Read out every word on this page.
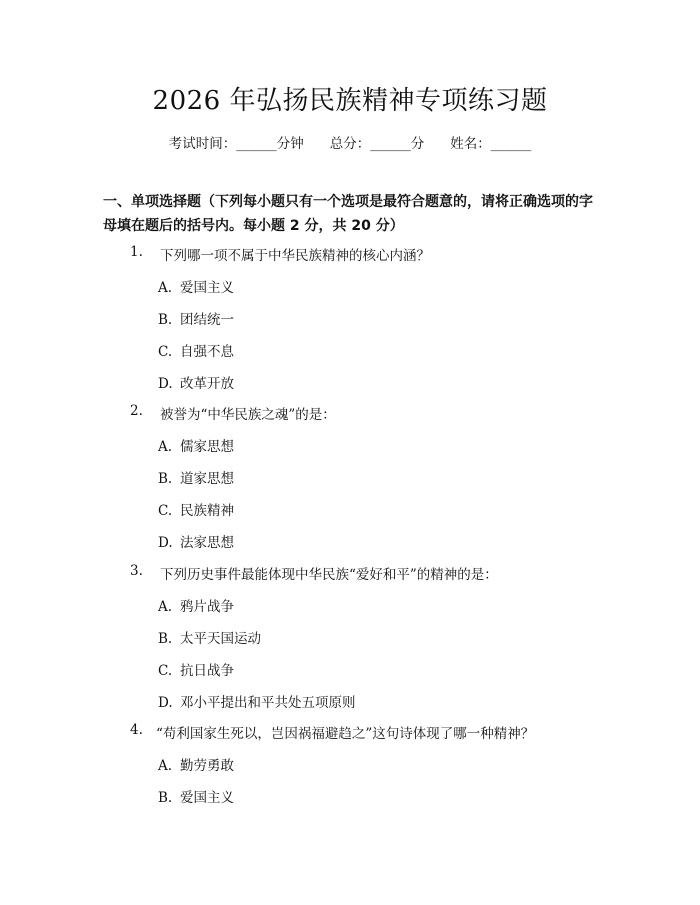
2026 年弘扬民族精神专项练习题
考试时间：______分钟 总分：______分 姓名：______
一、单项选择题（下列每小题只有一个选项是最符合题意的，请将正确选项的字母填在题后的括号内。每小题 2 分，共 20 分）
1. 下列哪一项不属于中华民族精神的核心内涵？
A. 爱国主义
B. 团结统一
C. 自强不息
D. 改革开放
2. 被誉为“中华民族之魂”的是：
A. 儒家思想
B. 道家思想
C. 民族精神
D. 法家思想
3. 下列历史事件最能体现中华民族“爱好和平”的精神的是：
A. 鸦片战争
B. 太平天国运动
C. 抗日战争
D. 邓小平提出和平共处五项原则
4. “苟利国家生死以，岂因祸福避趋之”这句诗体现了哪一种精神？
A. 勤劳勇敢
B. 爱国主义
